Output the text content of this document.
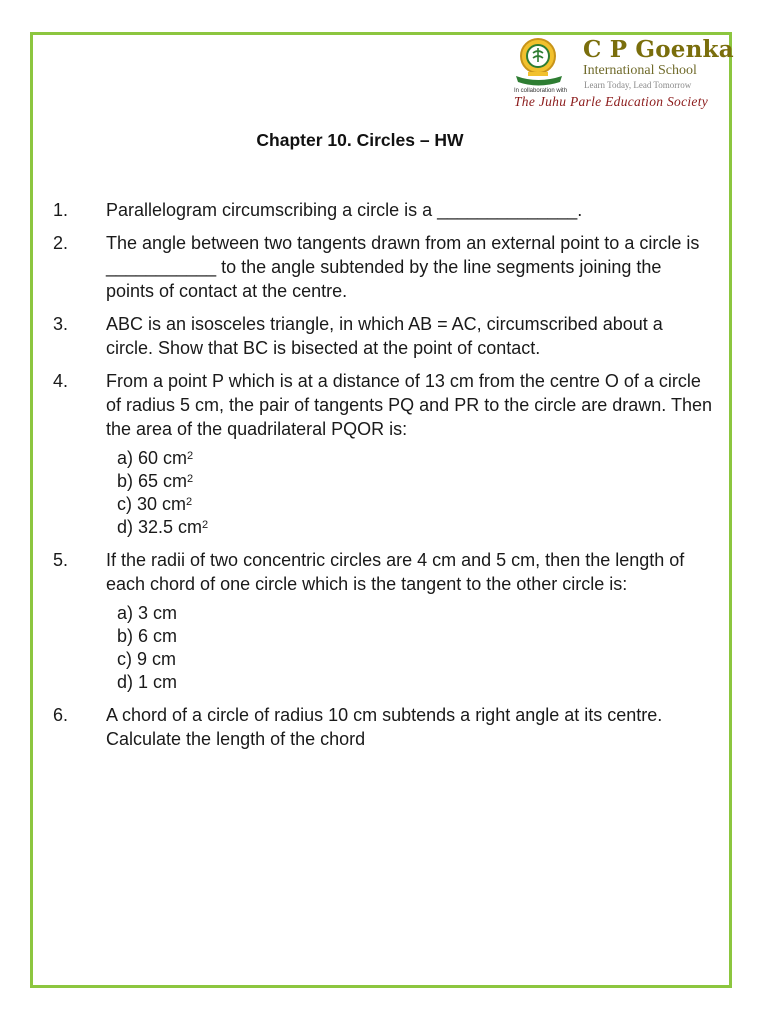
C P Goenka
International School
Learn Today, Lead Tomorrow
In collaboration with
The Juhu Parle Education Society
Chapter 10. Circles – HW
1.	Parallelogram circumscribing a circle is a ______________.
2.	The angle between two tangents drawn from an external point to a circle is ___________ to the angle subtended by the line segments joining the points of contact at the centre.
3.	ABC is an isosceles triangle, in which AB = AC, circumscribed about a circle. Show that BC is bisected at the point of contact.
4.	From a point P which is at a distance of 13 cm from the centre O of a circle of radius 5 cm, the pair of tangents PQ and PR to the circle are drawn. Then the area of the quadrilateral PQOR is:
a) 60 $cm^2$
b) 65 $cm^2$
c) 30 $cm^2$
d) 32.5 $cm^2$
5.	If the radii of two concentric circles are 4 cm and 5 cm, then the length of each chord of one circle which is the tangent to the other circle is:
a) 3 cm
b) 6 cm
c) 9 cm
d) 1 cm
6.	A chord of a circle of radius 10 cm subtends a right angle at its centre. Calculate the length of the chord
